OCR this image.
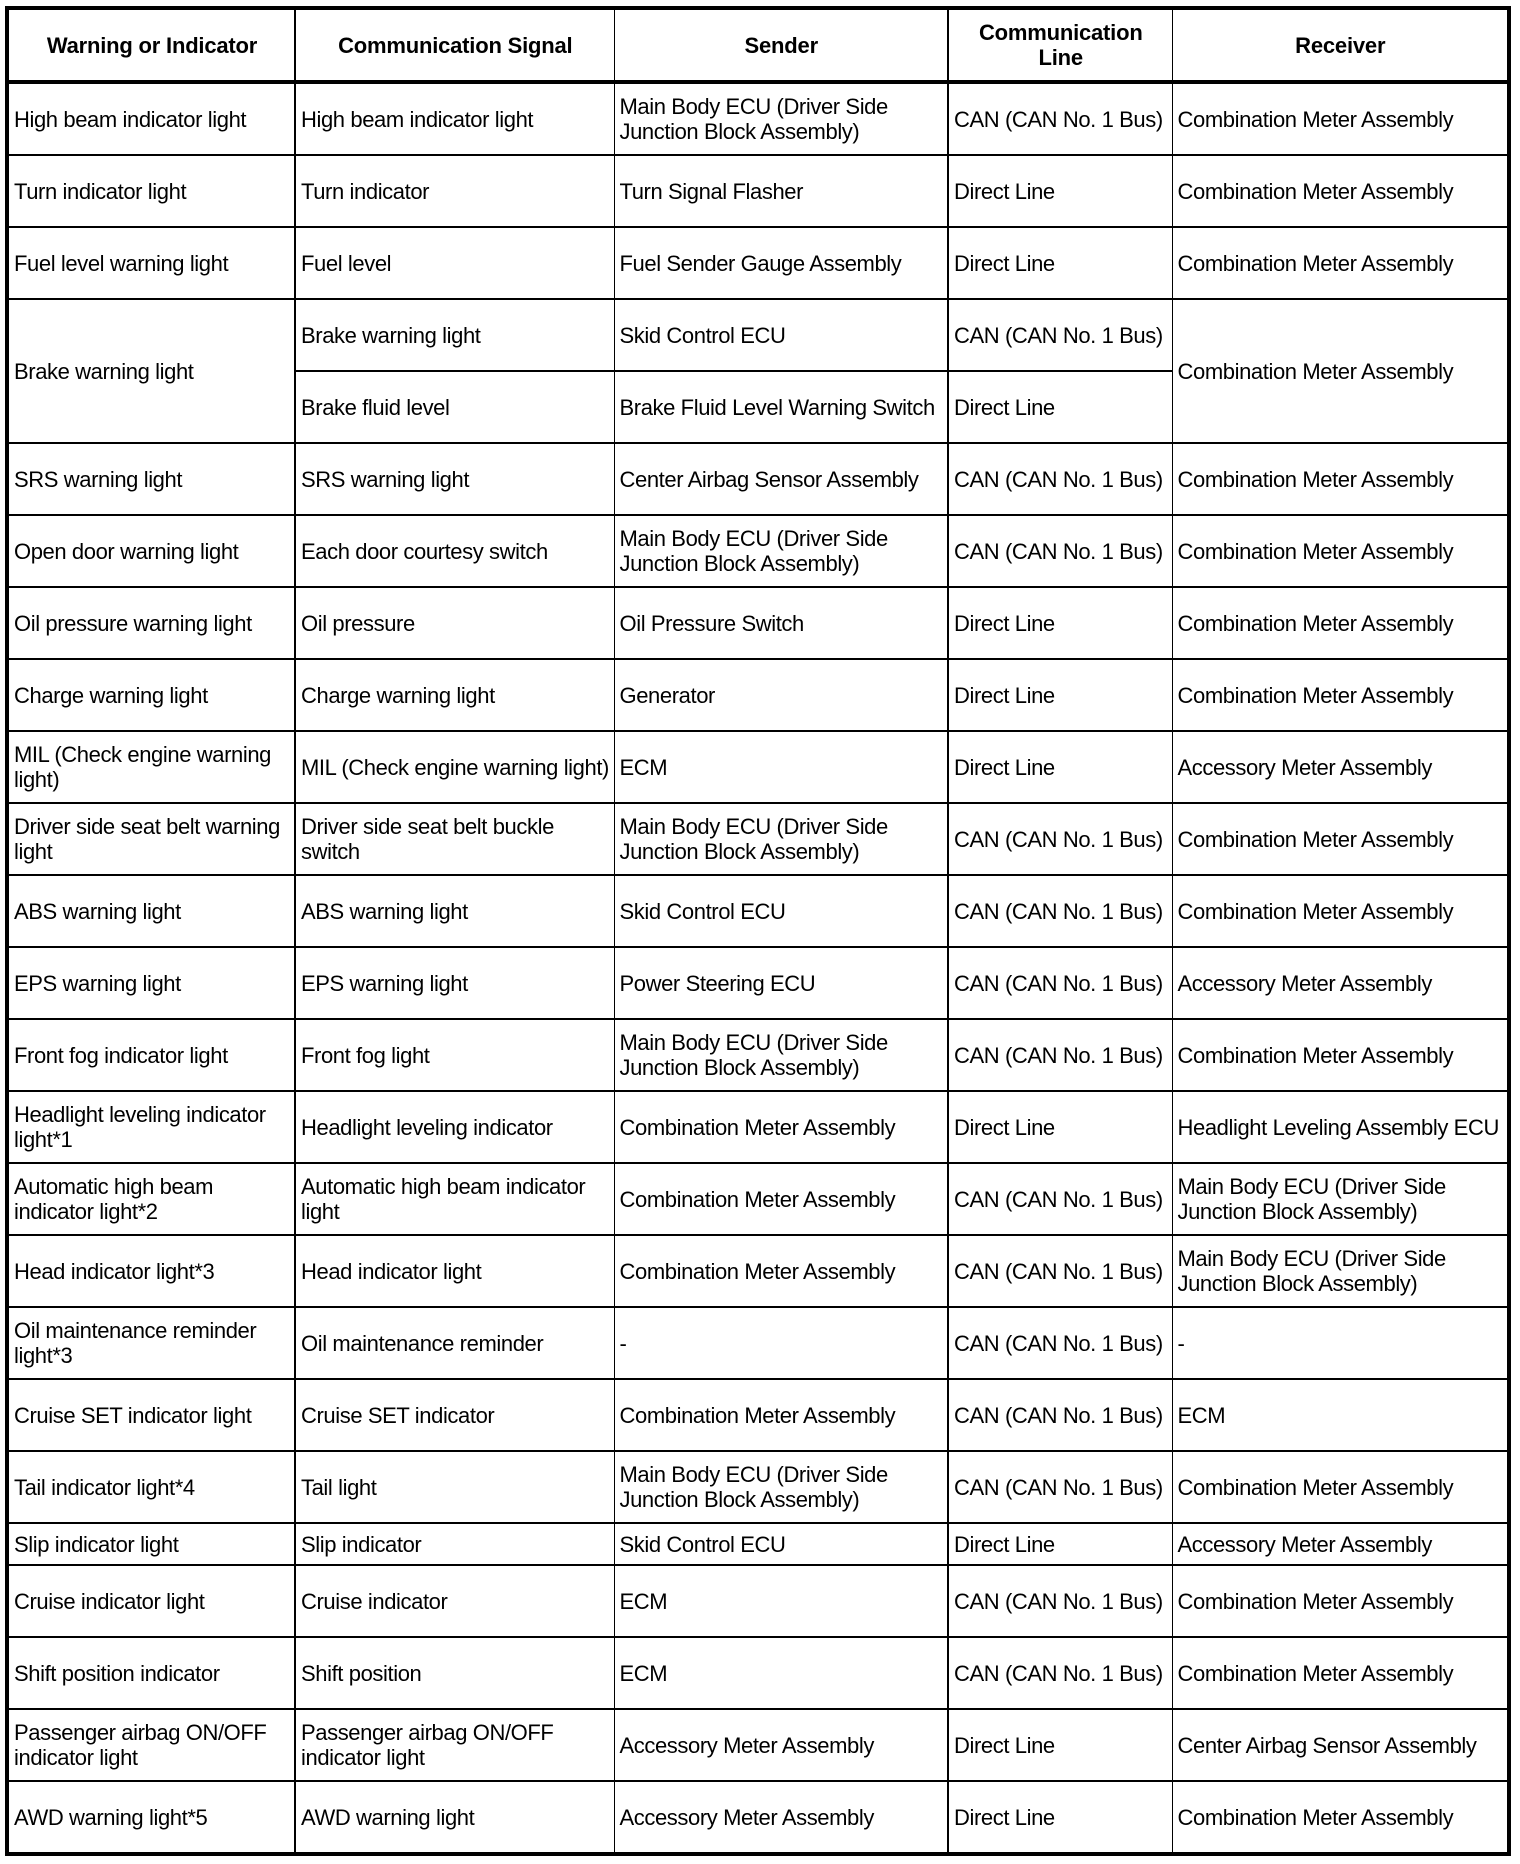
Warning or Indicator	Communication Signal	Sender	Communication Line	Receiver
High beam indicator light	High beam indicator light	Main Body ECU (Driver Side Junction Block Assembly)	CAN (CAN No. 1 Bus)	Combination Meter Assembly
Turn indicator light	Turn indicator	Turn Signal Flasher	Direct Line	Combination Meter Assembly
Fuel level warning light	Fuel level	Fuel Sender Gauge Assembly	Direct Line	Combination Meter Assembly
Brake warning light	Brake warning light	Skid Control ECU	CAN (CAN No. 1 Bus)	Combination Meter Assembly
	Brake fluid level	Brake Fluid Level Warning Switch	Direct Line	
SRS warning light	SRS warning light	Center Airbag Sensor Assembly	CAN (CAN No. 1 Bus)	Combination Meter Assembly
Open door warning light	Each door courtesy switch	Main Body ECU (Driver Side Junction Block Assembly)	CAN (CAN No. 1 Bus)	Combination Meter Assembly
Oil pressure warning light	Oil pressure	Oil Pressure Switch	Direct Line	Combination Meter Assembly
Charge warning light	Charge warning light	Generator	Direct Line	Combination Meter Assembly
MIL (Check engine warning light)	MIL (Check engine warning light)	ECM	Direct Line	Accessory Meter Assembly
Driver side seat belt warning light	Driver side seat belt buckle switch	Main Body ECU (Driver Side Junction Block Assembly)	CAN (CAN No. 1 Bus)	Combination Meter Assembly
ABS warning light	ABS warning light	Skid Control ECU	CAN (CAN No. 1 Bus)	Combination Meter Assembly
EPS warning light	EPS warning light	Power Steering ECU	CAN (CAN No. 1 Bus)	Accessory Meter Assembly
Front fog indicator light	Front fog light	Main Body ECU (Driver Side Junction Block Assembly)	CAN (CAN No. 1 Bus)	Combination Meter Assembly
Headlight leveling indicator light*1	Headlight leveling indicator	Combination Meter Assembly	Direct Line	Headlight Leveling Assembly ECU
Automatic high beam indicator light*2	Automatic high beam indicator light	Combination Meter Assembly	CAN (CAN No. 1 Bus)	Main Body ECU (Driver Side Junction Block Assembly)
Head indicator light*3	Head indicator light	Combination Meter Assembly	CAN (CAN No. 1 Bus)	Main Body ECU (Driver Side Junction Block Assembly)
Oil maintenance reminder light*3	Oil maintenance reminder	-	CAN (CAN No. 1 Bus)	-
Cruise SET indicator light	Cruise SET indicator	Combination Meter Assembly	CAN (CAN No. 1 Bus)	ECM
Tail indicator light*4	Tail light	Main Body ECU (Driver Side Junction Block Assembly)	CAN (CAN No. 1 Bus)	Combination Meter Assembly
Slip indicator light	Slip indicator	Skid Control ECU	Direct Line	Accessory Meter Assembly
Cruise indicator light	Cruise indicator	ECM	CAN (CAN No. 1 Bus)	Combination Meter Assembly
Shift position indicator	Shift position	ECM	CAN (CAN No. 1 Bus)	Combination Meter Assembly
Passenger airbag ON/OFF indicator light	Passenger airbag ON/OFF indicator light	Accessory Meter Assembly	Direct Line	Center Airbag Sensor Assembly
AWD warning light*5	AWD warning light	Accessory Meter Assembly	Direct Line	Combination Meter Assembly
